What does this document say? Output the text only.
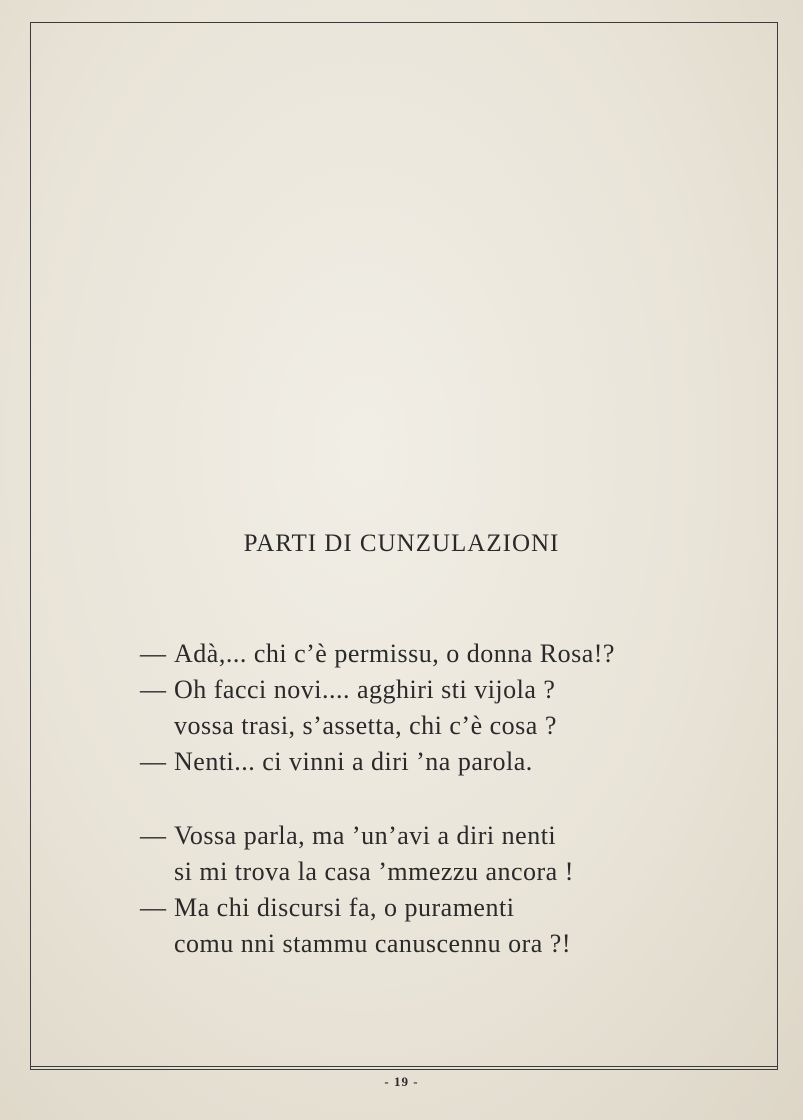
PARTI DI CUNZULAZIONI
— Adà,... chi c’è permissu, o donna Rosa!?
— Oh facci novi.... agghiri sti vijola ?
vossa trasi, s’assetta, chi c’è cosa ?
— Nenti... ci vinni a diri ’na parola.
— Vossa parla, ma ’un’avi a diri nenti
si mi trova la casa ’mmezzu ancora !
— Ma chi discursi fa, o puramenti
comu nni stammu canuscennu ora ?!
- 19 -
